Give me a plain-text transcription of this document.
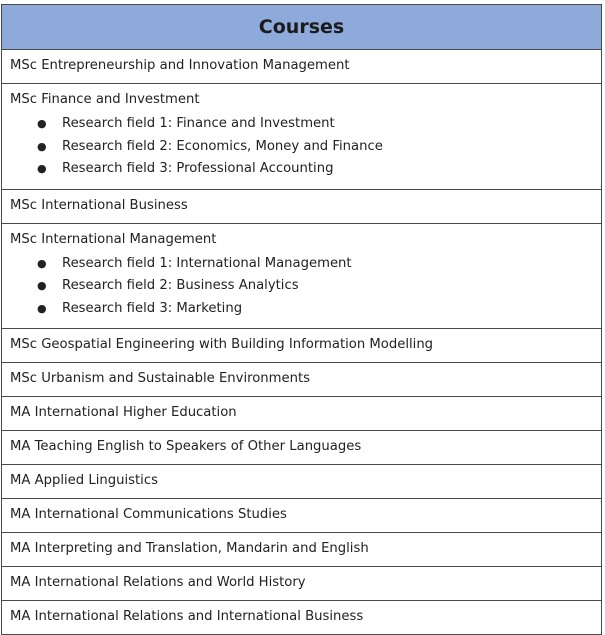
Courses

MSc Entrepreneurship and Innovation Management

MSc Finance and Investment
● Research field 1: Finance and Investment
● Research field 2: Economics, Money and Finance
● Research field 3: Professional Accounting

MSc International Business

MSc International Management
● Research field 1: International Management
● Research field 2: Business Analytics
● Research field 3: Marketing

MSc Geospatial Engineering with Building Information Modelling

MSc Urbanism and Sustainable Environments

MA International Higher Education

MA Teaching English to Speakers of Other Languages

MA Applied Linguistics

MA International Communications Studies

MA Interpreting and Translation, Mandarin and English

MA International Relations and World History

MA International Relations and International Business
